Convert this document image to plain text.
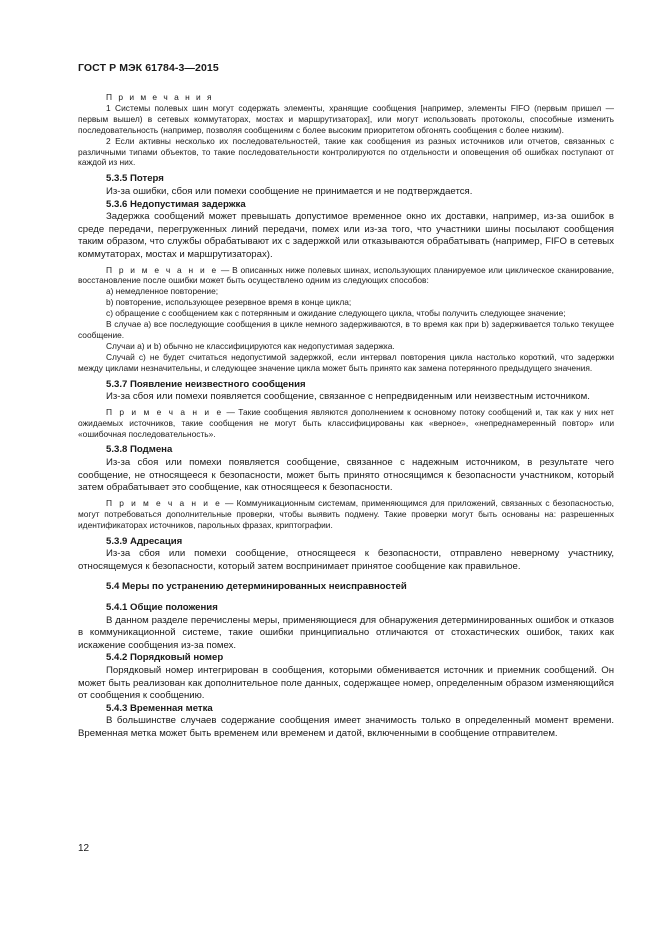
ГОСТ Р МЭК 61784-3—2015

П р и м е ч а н и я

1 Системы полевых шин могут содержать элементы, хранящие сообщения [например, элементы FIFO (первым пришел — первым вышел) в сетевых коммутаторах, мостах и маршрутизаторах], или могут использовать протоколы, способные изменить последовательность (например, позволяя сообщениям с более высоким приоритетом обгонять сообщения с более низким).

2 Если активны несколько их последовательностей, такие как сообщения из разных источников или отчетов, связанных с различными типами объектов, то такие последовательности контролируются по отдельности и оповещения об ошибках поступают от каждой из них.

5.3.5 Потеря

Из-за ошибки, сбоя или помехи сообщение не принимается и не подтверждается.

5.3.6 Недопустимая задержка

Задержка сообщений может превышать допустимое временное окно их доставки, например, из-за ошибок в среде передачи, перегруженных линий передачи, помех или из-за того, что участники шины посылают сообщения таким образом, что службы обрабатывают их с задержкой или отказываются обрабатывать (например, FIFO в сетевых коммутаторах, мостах и маршрутизаторах).

П р и м е ч а н и е — В описанных ниже полевых шинах, использующих планируемое или циклическое сканирование, восстановление после ошибки может быть осуществлено одним из следующих способов:

a) немедленное повторение;

b) повторение, использующее резервное время в конце цикла;

c) обращение с сообщением как с потерянным и ожидание следующего цикла, чтобы получить следующее значение;

В случае a) все последующие сообщения в цикле немного задерживаются, в то время как при b) задерживается только текущее сообщение.

Случаи a) и b) обычно не классифицируются как недопустимая задержка.

Случай c) не будет считаться недопустимой задержкой, если интервал повторения цикла настолько короткий, что задержки между циклами незначительны, и следующее значение цикла может быть принято как замена потерянного предыдущего значения.

5.3.7 Появление неизвестного сообщения

Из-за сбоя или помехи появляется сообщение, связанное с непредвиденным или неизвестным источником.

П р и м е ч а н и е — Такие сообщения являются дополнением к основному потоку сообщений и, так как у них нет ожидаемых источников, такие сообщения не могут быть классифицированы как «верное», «непреднамеренный повтор» или «ошибочная последовательность».

5.3.8 Подмена

Из-за сбоя или помехи появляется сообщение, связанное с надежным источником, в результате чего сообщение, не относящееся к безопасности, может быть принято относящимся к безопасности участником, который затем обрабатывает это сообщение, как относящееся к безопасности.

П р и м е ч а н и е — Коммуникационным системам, применяющимся для приложений, связанных с безопасностью, могут потребоваться дополнительные проверки, чтобы выявить подмену. Такие проверки могут быть основаны на: разрешенных идентификаторах источников, парольных фразах, криптографии.

5.3.9 Адресация

Из-за сбоя или помехи сообщение, относящееся к безопасности, отправлено неверному участнику, относящемуся к безопасности, который затем воспринимает принятое сообщение как правильное.

5.4 Меры по устранению детерминированных неисправностей
5.4.1 Общие положения

В данном разделе перечислены меры, применяющиеся для обнаружения детерминированных ошибок и отказов в коммуникационной системе, такие ошибки принципиально отличаются от стохастических ошибок, таких как искажение сообщения из-за помех.

5.4.2 Порядковый номер

Порядковый номер интегрирован в сообщения, которыми обменивается источник и приемник сообщений. Он может быть реализован как дополнительное поле данных, содержащее номер, определенным образом изменяющийся от сообщения к сообщению.

5.4.3 Временная метка

В большинстве случаев содержание сообщения имеет значимость только в определенный момент времени. Временная метка может быть временем или временем и датой, включенными в сообщение отправителем.

12
